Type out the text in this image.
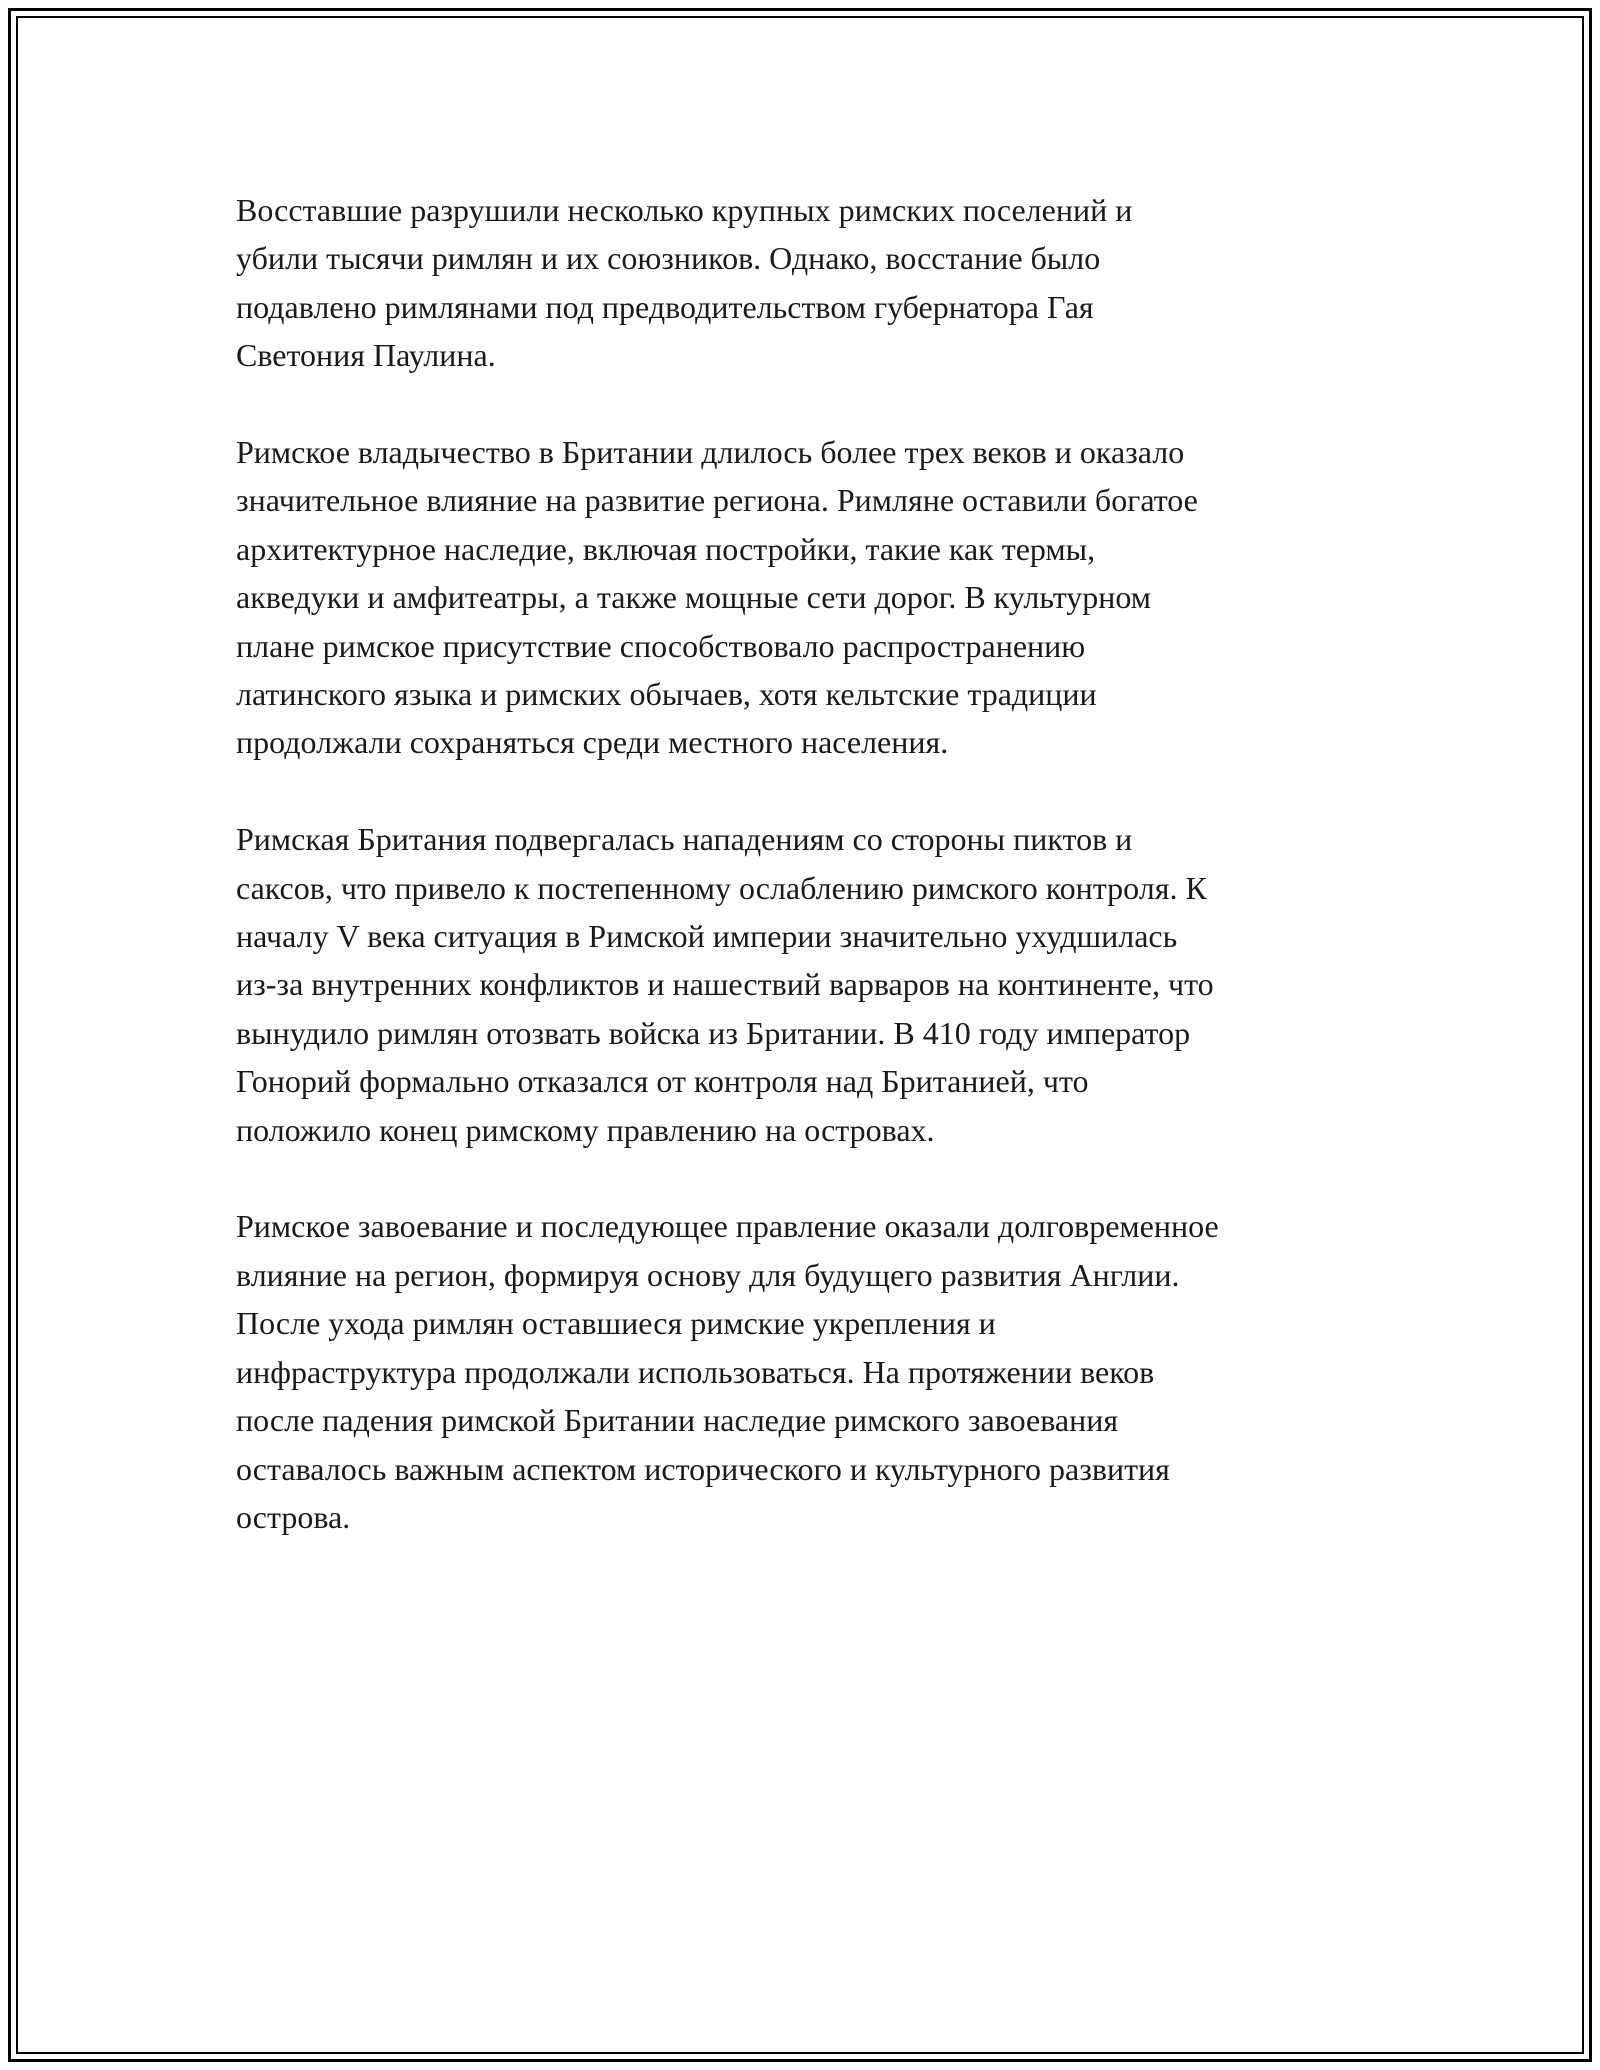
Восставшие разрушили несколько крупных римских поселений и
убили тысячи римлян и их союзников. Однако, восстание было
подавлено римлянами под предводительством губернатора Гая
Светония Паулина.

Римское владычество в Британии длилось более трех веков и оказало
значительное влияние на развитие региона. Римляне оставили богатое
архитектурное наследие, включая постройки, такие как термы,
акведуки и амфитеатры, а также мощные сети дорог. В культурном
плане римское присутствие способствовало распространению
латинского языка и римских обычаев, хотя кельтские традиции
продолжали сохраняться среди местного населения.

Римская Британия подвергалась нападениям со стороны пиктов и
саксов, что привело к постепенному ослаблению римского контроля. К
началу V века ситуация в Римской империи значительно ухудшилась
из-за внутренних конфликтов и нашествий варваров на континенте, что
вынудило римлян отозвать войска из Британии. В 410 году император
Гонорий формально отказался от контроля над Британией, что
положило конец римскому правлению на островах.

Римское завоевание и последующее правление оказали долговременное
влияние на регион, формируя основу для будущего развития Англии.
После ухода римлян оставшиеся римские укрепления и
инфраструктура продолжали использоваться. На протяжении веков
после падения римской Британии наследие римского завоевания
оставалось важным аспектом исторического и культурного развития
острова.
